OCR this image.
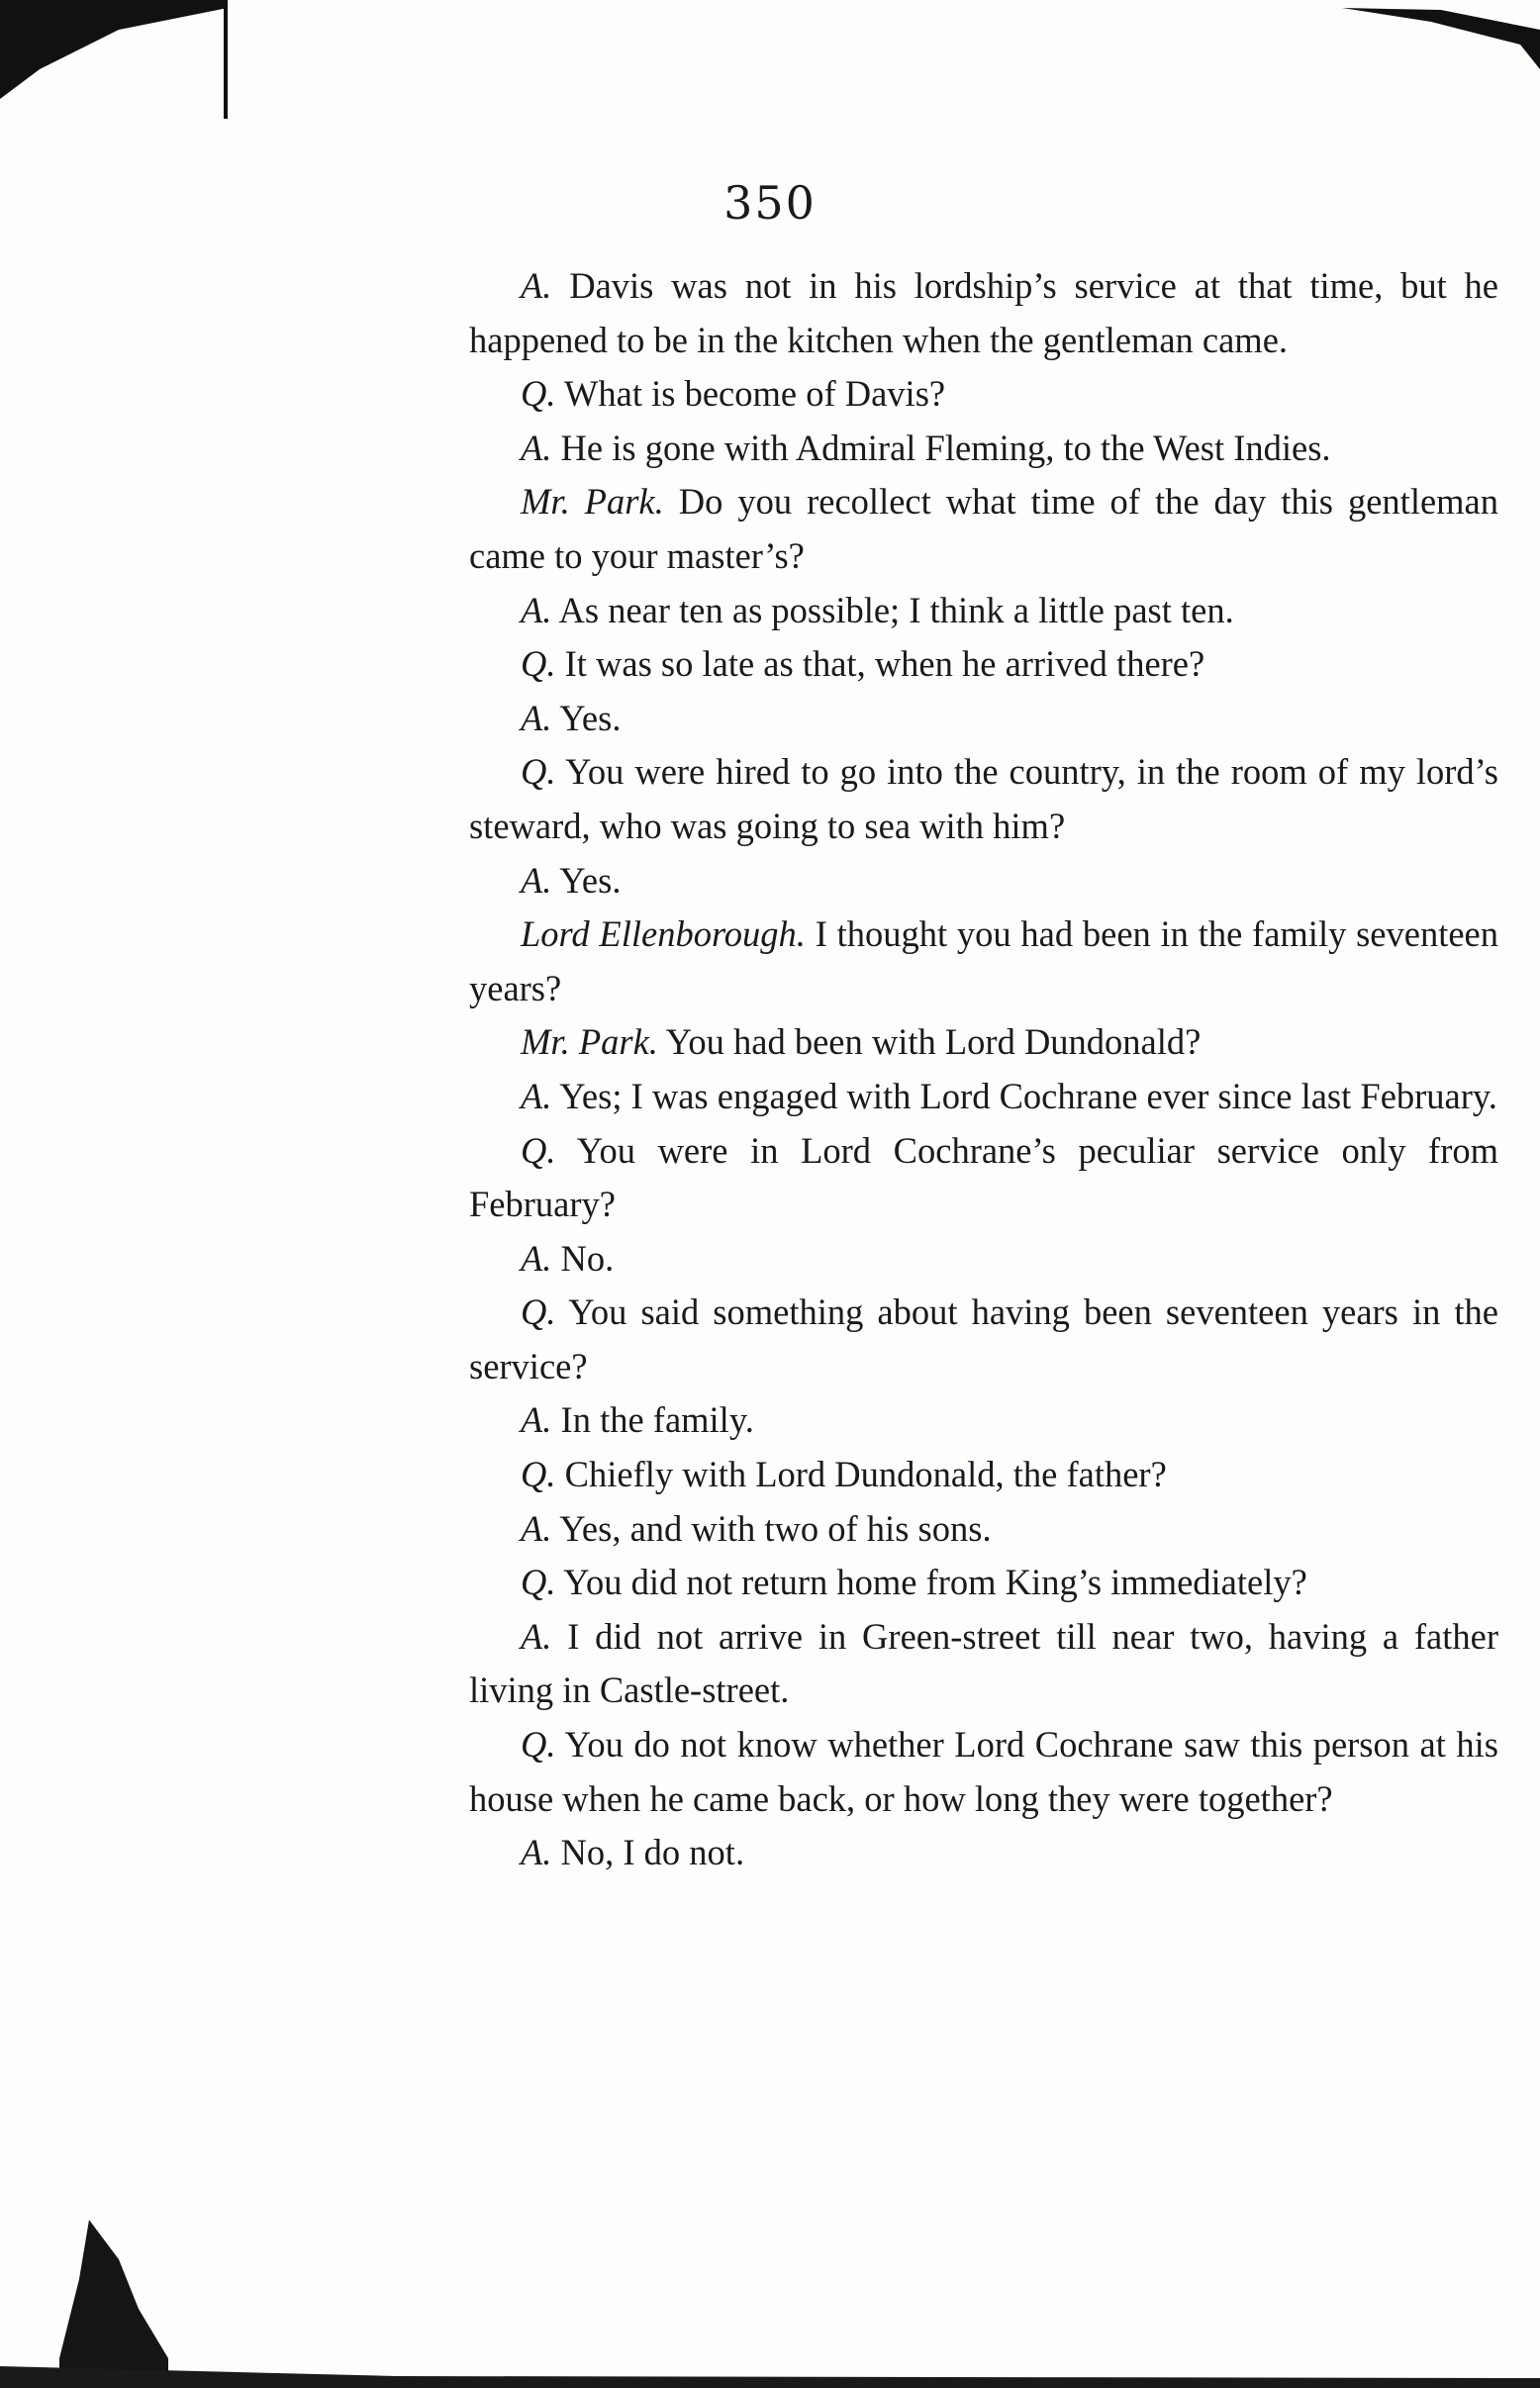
350

A. Davis was not in his lordship’s service at that time, but he happened to be in the kitchen when the gentleman came.

Q. What is become of Davis?

A. He is gone with Admiral Fleming, to the West Indies.

Mr. Park. Do you recollect what time of the day this gentleman came to your master’s?

A. As near ten as possible; I think a little past ten.

Q. It was so late as that, when he arrived there?

A. Yes.

Q. You were hired to go into the country, in the room of my lord’s steward, who was going to sea with him?

A. Yes.

Lord Ellenborough. I thought you had been in the family seventeen years?

Mr. Park. You had been with Lord Dundonald?

A. Yes; I was engaged with Lord Cochrane ever since last February.

Q. You were in Lord Cochrane’s peculiar service only from February?

A. No.

Q. You said something about having been seventeen years in the service?

A. In the family.

Q. Chiefly with Lord Dundonald, the father?

A. Yes, and with two of his sons.

Q. You did not return home from King’s immediately?

A. I did not arrive in Green-street till near two, having a father living in Castle-street.

Q. You do not know whether Lord Cochrane saw this person at his house when he came back, or how long they were together?

A. No, I do not.
